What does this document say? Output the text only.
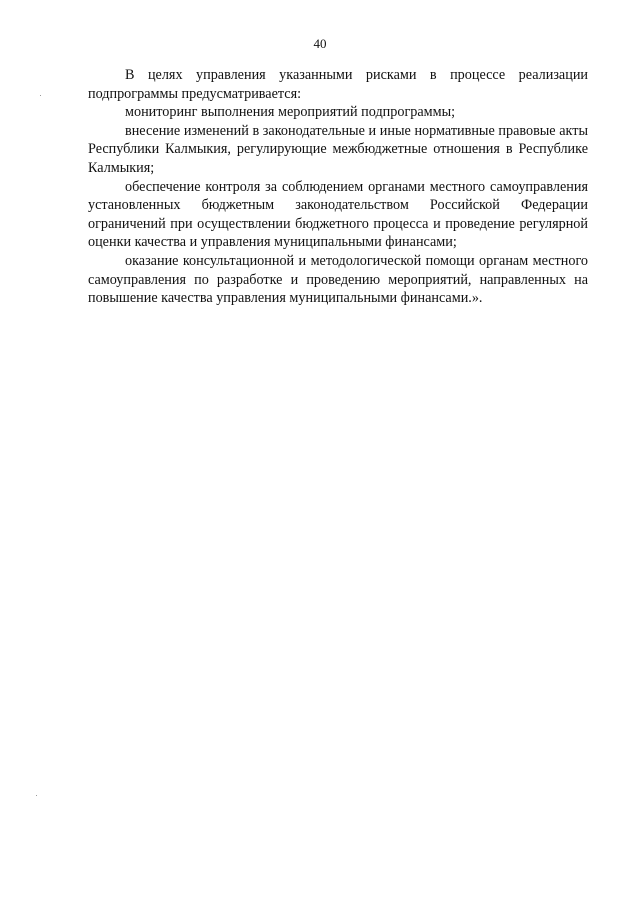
40

В целях управления указанными рисками в процессе реализации подпрограммы предусматривается:

мониторинг выполнения мероприятий подпрограммы;

внесение изменений в законодательные и иные нормативные правовые акты Республики Калмыкия, регулирующие межбюджетные отношения в Республике Калмыкия;

обеспечение контроля за соблюдением органами местного самоуправления установленных бюджетным законодательством Российской Федерации ограничений при осуществлении бюджетного процесса и проведение регулярной оценки качества и управления муниципальными финансами;

оказание консультационной и методологической помощи органам местного самоуправления по разработке и проведению мероприятий, направленных на повышение качества управления муниципальными финансами.».
